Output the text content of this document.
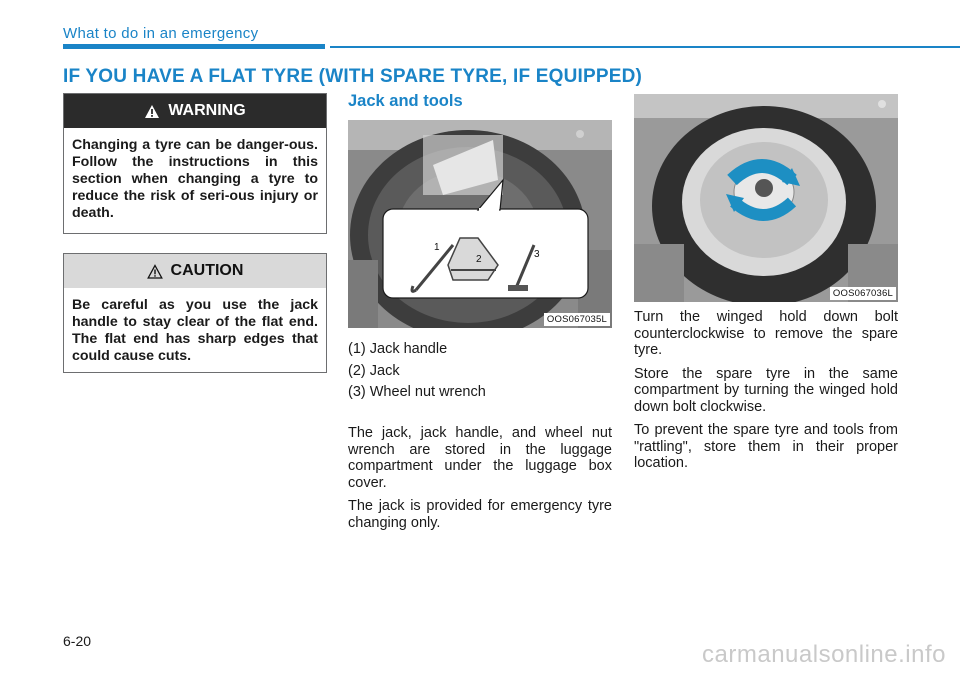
What to do in an emergency
IF YOU HAVE A FLAT TYRE (WITH SPARE TYRE, IF EQUIPPED)
WARNING
Changing a tyre can be danger-ous. Follow the instructions in this section when changing a tyre to reduce the risk of seri-ous injury or death.
CAUTION
Be careful as you use the jack handle to stay clear of the flat end. The flat end has sharp edges that could cause cuts.
Jack and tools
1
2	3
OOS067035L
(1) Jack handle
(2) Jack
(3) Wheel nut wrench

The jack, jack handle, and wheel nut wrench are stored in the luggage compartment under the luggage box cover.

The jack is provided for emergency tyre changing only.

OOS067036L

Turn the winged hold down bolt counterclockwise to remove the spare tyre.

Store the spare tyre in the same compartment by turning the winged hold down bolt clockwise.

To prevent the spare tyre and tools from "rattling", store them in their proper location.

6-20	carmanualsonline.info
